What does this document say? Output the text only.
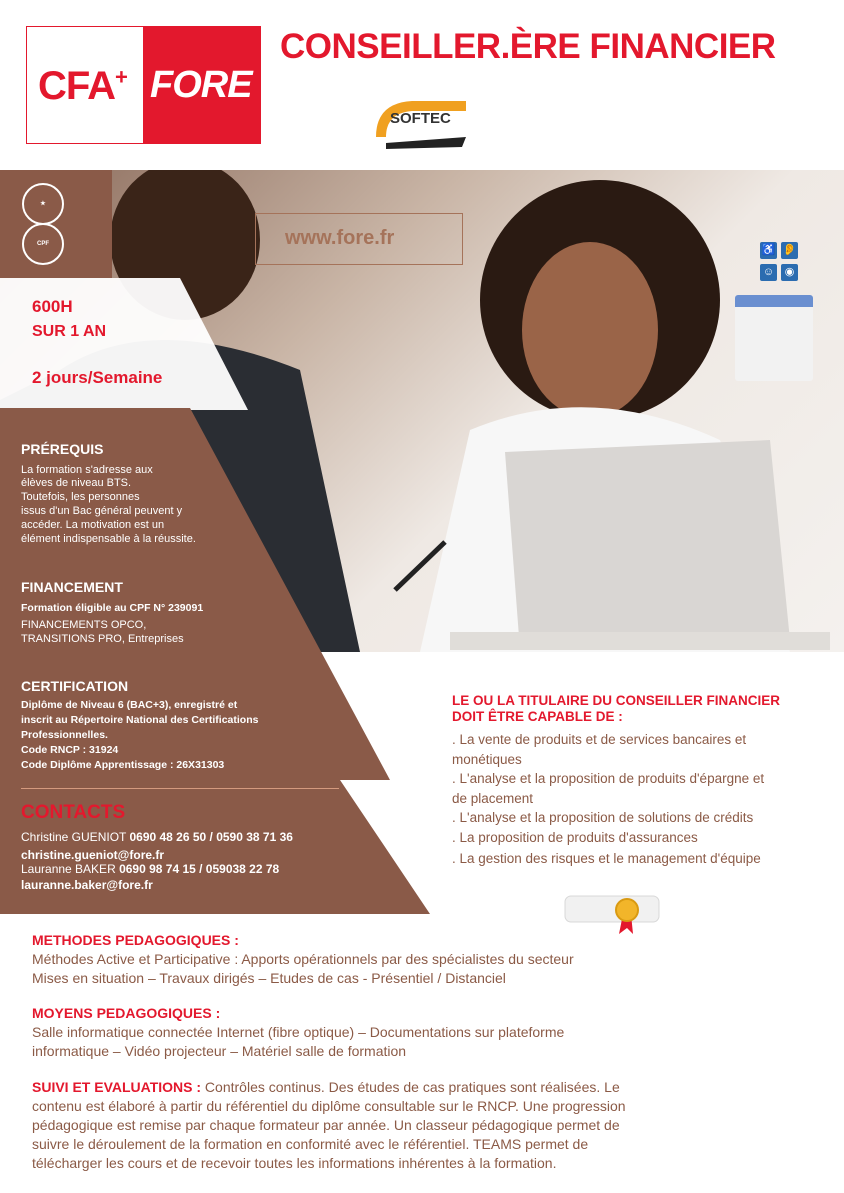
CFA+ FORE
CONSEILLER.ÈRE FINANCIER
SOFTEC
www.fore.fr
♿ 👂
☺ ◉
★
CPF
600H
SUR 1 AN
2 jours/Semaine
PRÉREQUIS
La formation s'adresse aux
élèves de niveau BTS.
Toutefois, les personnes
issus d'un Bac général peuvent y
accéder. La motivation est un
élément indispensable à la réussite.
FINANCEMENT
Formation éligible au CPF N° 239091
FINANCEMENTS OPCO,
TRANSITIONS PRO, Entreprises
CERTIFICATION
Diplôme de Niveau 6 (BAC+3), enregistré et
inscrit au Répertoire National des Certifications
Professionnelles.
Code RNCP : 31924
Code Diplôme Apprentissage : 26X31303
CONTACTS
Christine GUENIOT 0690 48 26 50 / 0590 38 71 36
christine.gueniot@fore.fr
Lauranne BAKER 0690 98 74 15 / 059038 22 78
lauranne.baker@fore.fr
LE OU LA TITULAIRE DU CONSEILLER FINANCIER
DOIT ÊTRE CAPABLE DE :
. La vente de produits et de services bancaires et
monétiques
. L'analyse et la proposition de produits d'épargne et
de placement
. L'analyse et la proposition de solutions de crédits
. La proposition de produits d'assurances
. La gestion des risques et le management d'équipe
METHODES PEDAGOGIQUES :
Méthodes Active et Participative : Apports opérationnels par des spécialistes du secteur
Mises en situation – Travaux dirigés – Etudes de cas - Présentiel / Distanciel
MOYENS PEDAGOGIQUES :
Salle informatique connectée Internet (fibre optique) – Documentations sur plateforme
informatique – Vidéo projecteur – Matériel salle de formation
SUIVI ET EVALUATIONS : Contrôles continus. Des études de cas pratiques sont réalisées. Le
contenu est élaboré à partir du référentiel du diplôme consultable sur le RNCP. Une progression
pédagogique est remise par chaque formateur par année. Un classeur pédagogique permet de
suivre le déroulement de la formation en conformité avec le référentiel. TEAMS permet de
télécharger les cours et de recevoir toutes les informations inhérentes à la formation.
